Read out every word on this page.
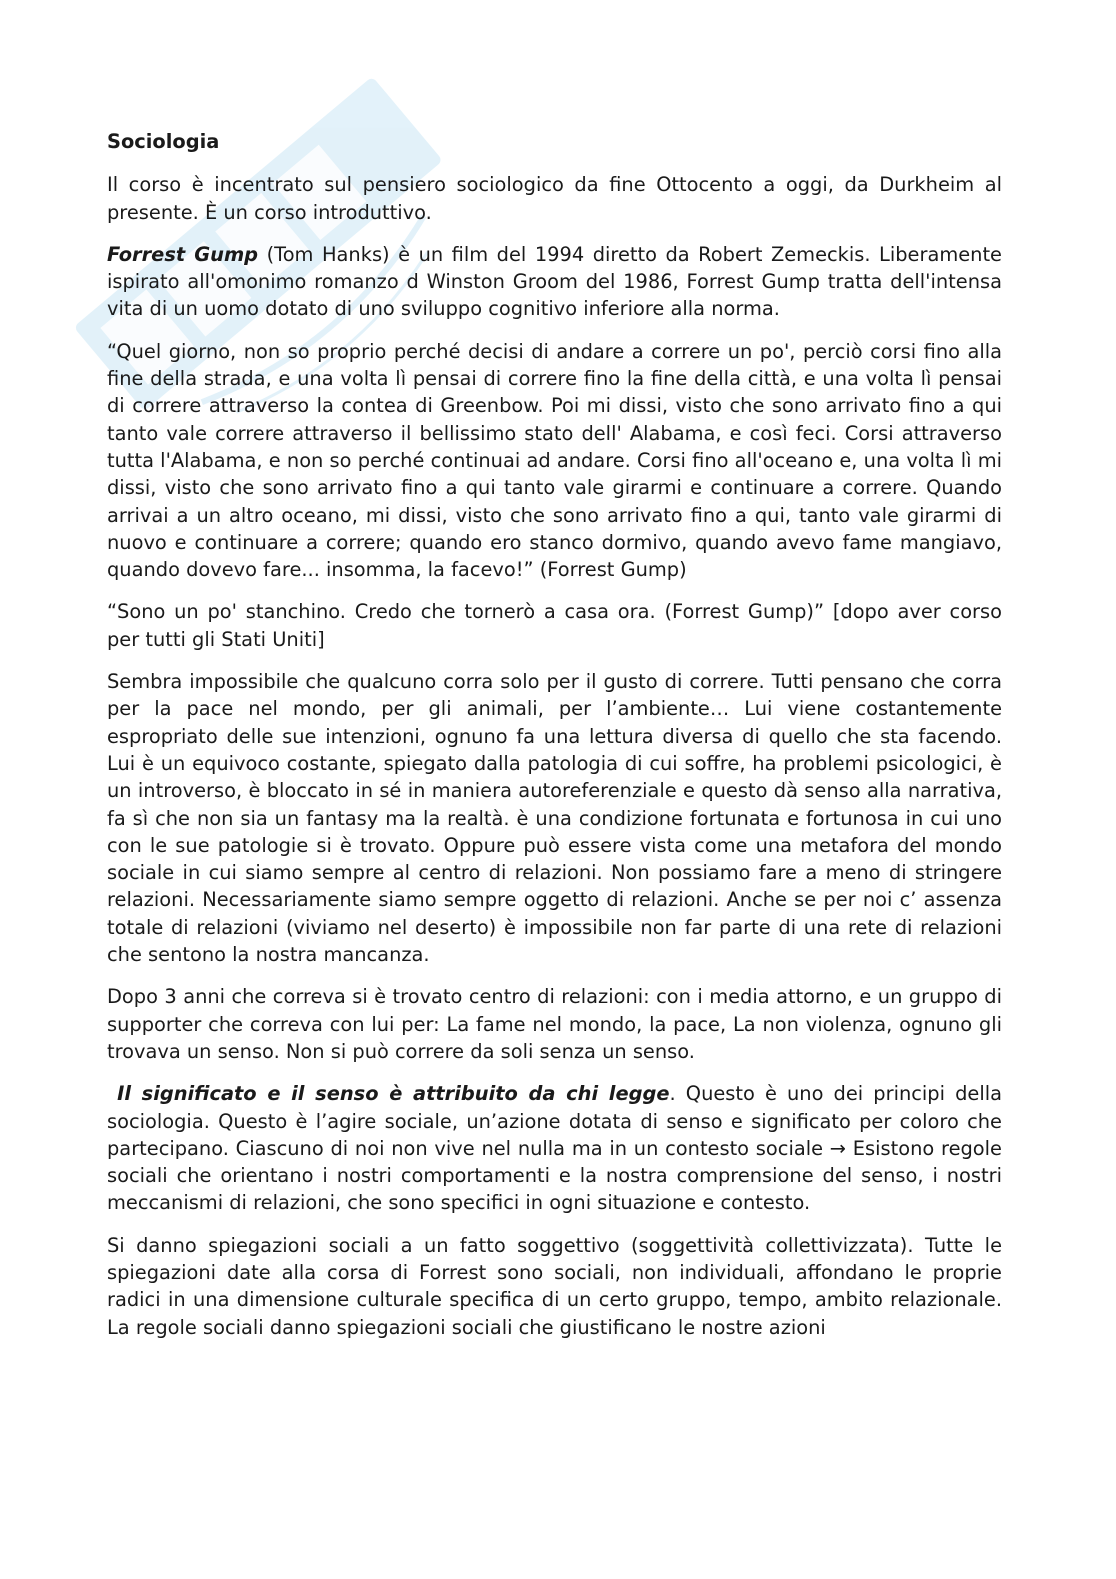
Sociologia

Il corso è incentrato sul pensiero sociologico da fine Ottocento a oggi, da Durkheim al presente. È un corso introduttivo.

Forrest Gump (Tom Hanks) è un film del 1994 diretto da Robert Zemeckis. Liberamente ispirato all'omonimo romanzo d Winston Groom del 1986, Forrest Gump tratta dell'intensa vita di un uomo dotato di uno sviluppo cognitivo inferiore alla norma.

“Quel giorno, non so proprio perché decisi di andare a correre un po', perciò corsi fino alla fine della strada, e una volta lì pensai di correre fino la fine della città, e una volta lì pensai di correre attraverso la contea di Greenbow. Poi mi dissi, visto che sono arrivato fino a qui tanto vale correre attraverso il bellissimo stato dell' Alabama, e così feci. Corsi attraverso tutta l'Alabama, e non so perché continuai ad andare. Corsi fino all'oceano e, una volta lì mi dissi, visto che sono arrivato fino a qui tanto vale girarmi e continuare a correre. Quando arrivai a un altro oceano, mi dissi, visto che sono arrivato fino a qui, tanto vale girarmi di nuovo e continuare a correre; quando ero stanco dormivo, quando avevo fame mangiavo, quando dovevo fare... insomma, la facevo!” (Forrest Gump)

“Sono un po' stanchino. Credo che tornerò a casa ora. (Forrest Gump)” [dopo aver corso per tutti gli Stati Uniti]

Sembra impossibile che qualcuno corra solo per il gusto di correre. Tutti pensano che corra per la pace nel mondo, per gli animali, per l’ambiente… Lui viene costantemente espropriato delle sue intenzioni, ognuno fa una lettura diversa di quello che sta facendo. Lui è un equivoco costante, spiegato dalla patologia di cui soffre, ha problemi psicologici, è un introverso, è bloccato in sé in maniera autoreferenziale e questo dà senso alla narrativa, fa sì che non sia un fantasy ma la realtà. è una condizione fortunata e fortunosa in cui uno con le sue patologie si è trovato. Oppure può essere vista come una metafora del mondo sociale in cui siamo sempre al centro di relazioni. Non possiamo fare a meno di stringere relazioni. Necessariamente siamo sempre oggetto di relazioni. Anche se per noi c’ assenza totale di relazioni (viviamo nel deserto) è impossibile non far parte di una rete di relazioni che sentono la nostra mancanza.

Dopo 3 anni che correva si è trovato centro di relazioni: con i media attorno, e un gruppo di supporter che correva con lui per: La fame nel mondo, la pace, La non violenza, ognuno gli trovava un senso. Non si può correre da soli senza un senso.

Il significato e il senso è attribuito da chi legge. Questo è uno dei principi della sociologia. Questo è l’agire sociale, un’azione dotata di senso e significato per coloro che partecipano. Ciascuno di noi non vive nel nulla ma in un contesto sociale → Esistono regole sociali che orientano i nostri comportamenti e la nostra comprensione del senso, i nostri meccanismi di relazioni, che sono specifici in ogni situazione e contesto.

Si danno spiegazioni sociali a un fatto soggettivo (soggettività collettivizzata). Tutte le spiegazioni date alla corsa di Forrest sono sociali, non individuali, affondano le proprie radici in una dimensione culturale specifica di un certo gruppo, tempo, ambito relazionale. La regole sociali danno spiegazioni sociali che giustificano le nostre azioni
